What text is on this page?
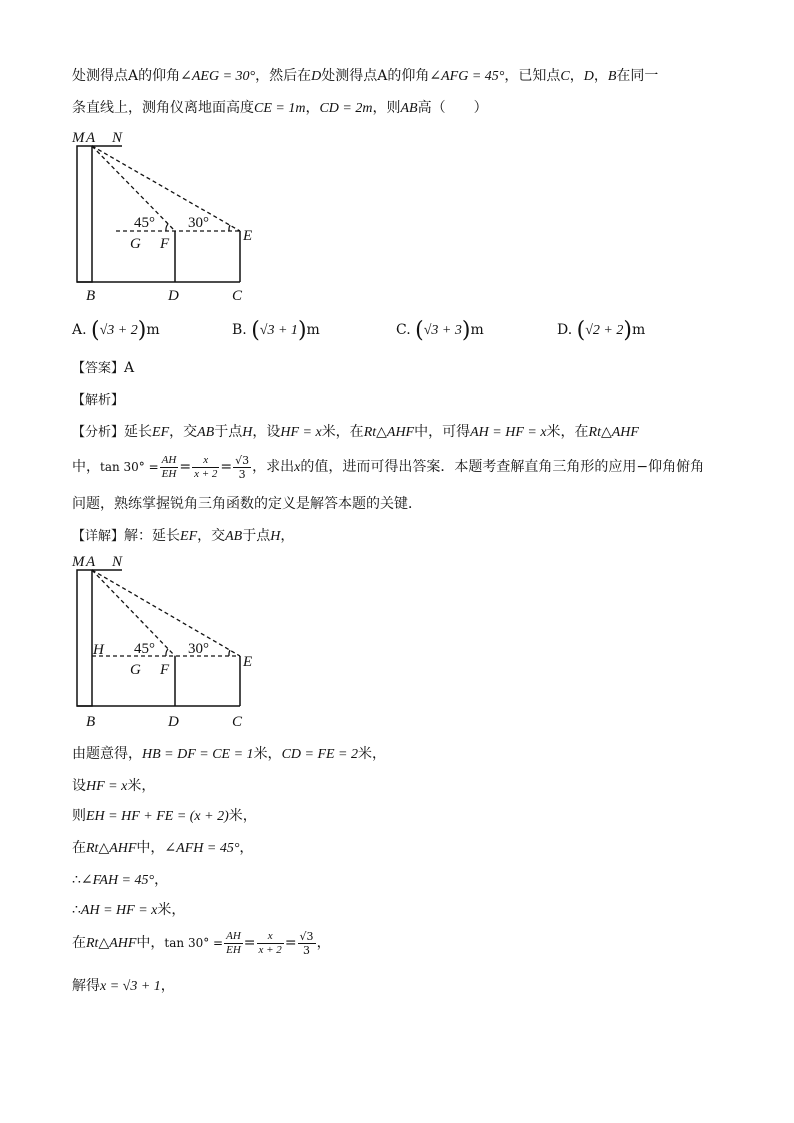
处测得点A的仰角∠AEG = 30°，然后在D处测得点A的仰角∠AFG = 45°，已知点C，D，B在同一
条直线上，测角仪离地面高度CE = 1m，CD = 2m，则AB高（　　）
M A N
45° 30°
G F	E
B	D	C
A. (√3 + 2)m	B. (√3 + 1)m	C. (√3 + 3)m	D. (√2 + 2)m
【答案】A
【解析】
【分析】延长EF，交AB于点H，设HF = x米，在Rt△AHF中，可得AH = HF = x米，在Rt△AHF
中，$\tan 30^\circ = \frac{AH}{EH} = \frac{x}{x + 2} = \frac{√3}{3}$ ，求出x的值，进而可得出答案．本题考查解直角三角形的应用−仰角俯角
问题，熟练掌握锐角三角函数的定义是解答本题的关键．
【详解】解：延长EF，交AB于点H，
M A N
H 45° 30°
G F	E
B	D	C
由题意得，HB = DF = CE = 1米，CD = FE = 2米，
设HF = x米，
则EH = HF + FE = (x + 2)米，
在Rt△AHF中，∠AFH = 45°，
∴∠FAH = 45°，
∴AH = HF = x米，
在Rt△AHF中，$\tan 30^\circ = \frac{AH}{EH} = \frac{x}{x + 2} = \frac{√3}{3}$ ，
解得x = √3 + 1，
